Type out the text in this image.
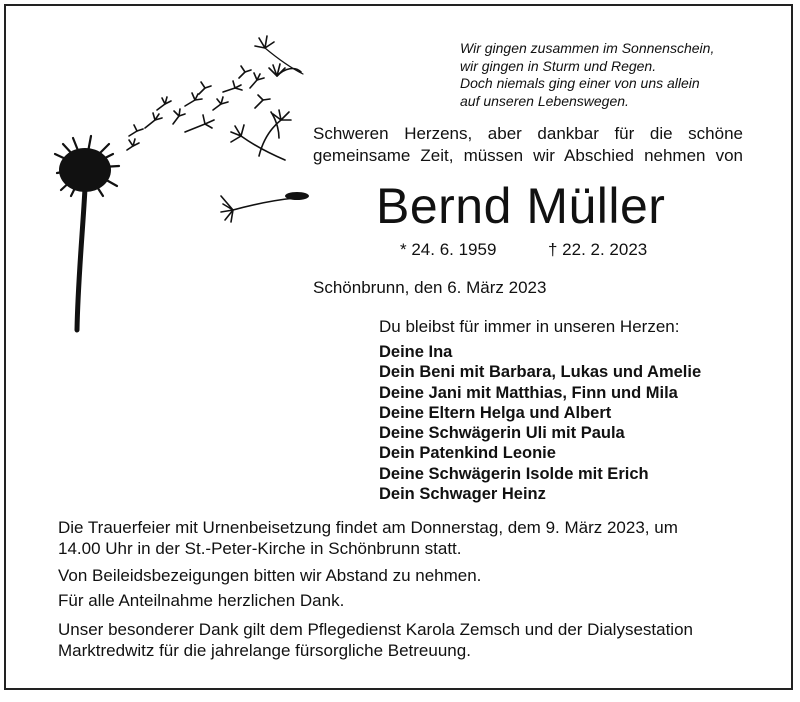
Wir gingen zusammen im Sonnenschein,
wir gingen in Sturm und Regen.
Doch niemals ging einer von uns allein
auf unseren Lebenswegen.
Schweren Herzens, aber dankbar für die schöne
gemeinsame Zeit, müssen wir Abschied nehmen von
Bernd Müller
* 24. 6. 1959	† 22. 2. 2023
Schönbrunn, den 6. März 2023
Du bleibst für immer in unseren Herzen:
Deine Ina
Dein Beni mit Barbara, Lukas und Amelie
Deine Jani mit Matthias, Finn und Mila
Deine Eltern Helga und Albert
Deine Schwägerin Uli mit Paula
Dein Patenkind Leonie
Deine Schwägerin Isolde mit Erich
Dein Schwager Heinz
Die Trauerfeier mit Urnenbeisetzung findet am Donnerstag, dem 9. März 2023, um
14.00 Uhr in der St.-Peter-Kirche in Schönbrunn statt.
Von Beileidsbezeigungen bitten wir Abstand zu nehmen.
Für alle Anteilnahme herzlichen Dank.
Unser besonderer Dank gilt dem Pflegedienst Karola Zemsch und der Dialysestation
Marktredwitz für die jahrelange fürsorgliche Betreuung.
